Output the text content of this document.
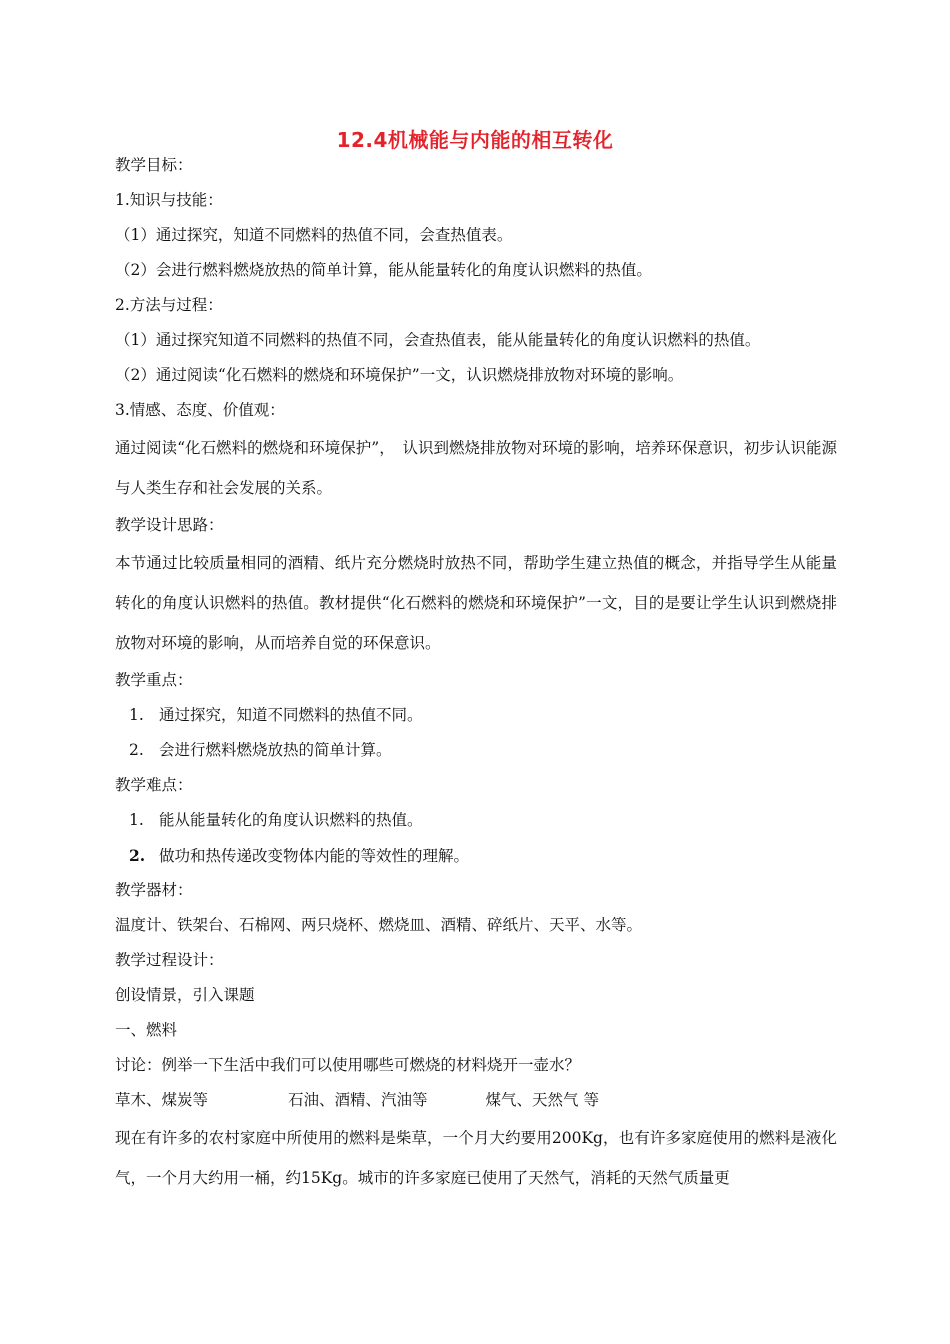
12.4机械能与内能的相互转化
教学目标：
1.知识与技能：
（1）通过探究，知道不同燃料的热值不同，会查热值表。
（2）会进行燃料燃烧放热的简单计算，能从能量转化的角度认识燃料的热值。
2.方法与过程：
（1）通过探究知道不同燃料的热值不同，会查热值表，能从能量转化的角度认识燃料的热值。
（2）通过阅读“化石燃料的燃烧和环境保护”一文，认识燃烧排放物对环境的影响。
3.情感、态度、价值观：

通过阅读“化石燃料的燃烧和环境保护”，　认识到燃烧排放物对环境的影响，培养环保意识，初步认识能源与人类生存和社会发展的关系。

教学设计思路：

本节通过比较质量相同的酒精、纸片充分燃烧时放热不同，帮助学生建立热值的概念，并指导学生从能量转化的角度认识燃料的热值。教材提供“化石燃料的燃烧和环境保护”一文，目的是要让学生认识到燃烧排放物对环境的影响，从而培养自觉的环保意识。

教学重点：
1. 通过探究，知道不同燃料的热值不同。
2. 会进行燃料燃烧放热的简单计算。
教学难点：
1. 能从能量转化的角度认识燃料的热值。
2. 做功和热传递改变物体内能的等效性的理解。
教学器材：
温度计、铁架台、石棉网、两只烧杯、燃烧皿、酒精、碎纸片、天平、水等。
教学过程设计：
创设情景，引入课题
一、燃料
讨论：例举一下生活中我们可以使用哪些可燃烧的材料烧开一壶水？
草木、煤炭等	石油、酒精、汽油等	煤气、天然气 等

现在有许多的农村家庭中所使用的燃料是柴草，一个月大约要用200Kg，也有许多家庭使用的燃料是液化气，一个月大约用一桶，约15Kg。城市的许多家庭已使用了天然气，消耗的天然气质量更
